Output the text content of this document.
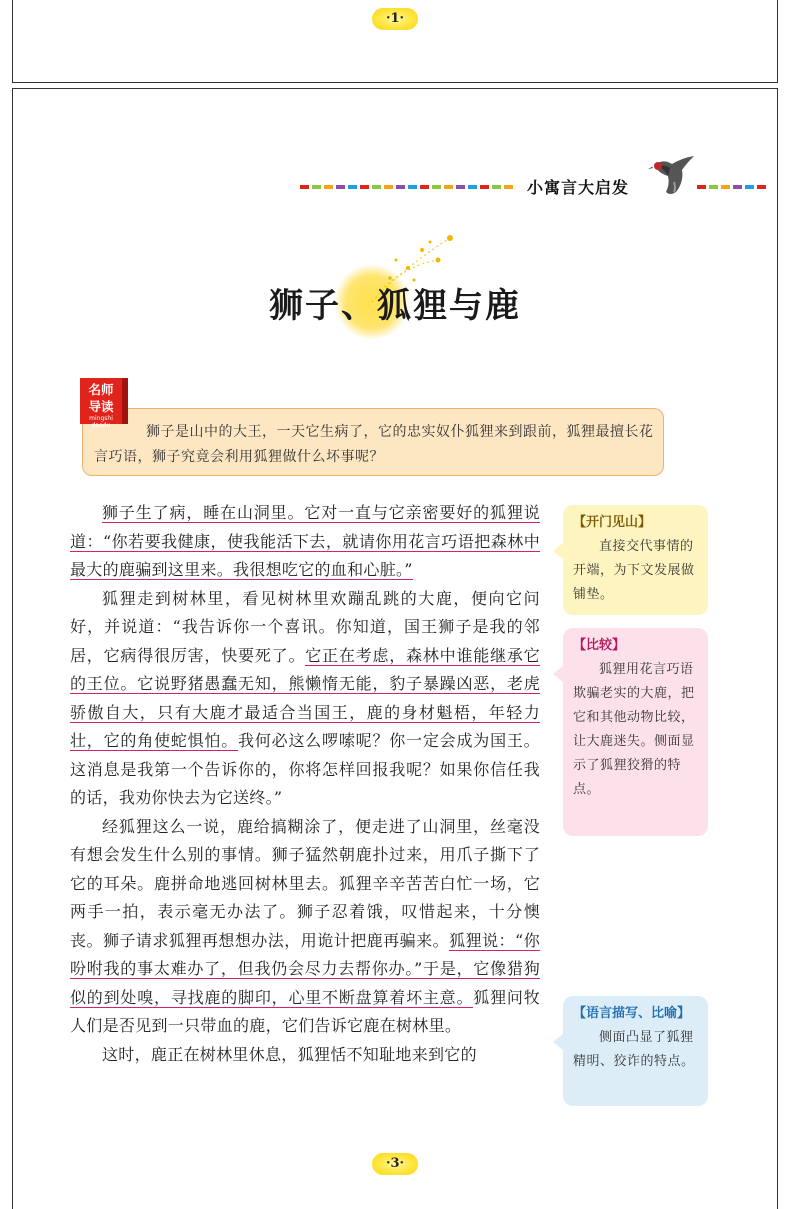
·1·
小寓言大启发
狮子、狐狸与鹿
狮子是山中的大王，一天它生病了，它的忠实奴仆狐狸来到跟前，狐狸最擅长花言巧语，狮子究竟会利用狐狸做什么坏事呢？
名师
导读
mingshi daodu

狮子生了病，睡在山洞里。它对一直与它亲密要好的狐狸说道：“你若要我健康，使我能活下去，就请你用花言巧语把森林中最大的鹿骗到这里来。我很想吃它的血和心脏。”

狐狸走到树林里，看见树林里欢蹦乱跳的大鹿，便向它问好，并说道：“我告诉你一个喜讯。你知道，国王狮子是我的邻居，它病得很厉害，快要死了。它正在考虑，森林中谁能继承它的王位。它说野猪愚蠢无知，熊懒惰无能，豹子暴躁凶恶，老虎骄傲自大，只有大鹿才最适合当国王，鹿的身材魁梧，年轻力壮，它的角使蛇惧怕。我何必这么啰嗦呢？你一定会成为国王。这消息是我第一个告诉你的，你将怎样回报我呢？如果你信任我的话，我劝你快去为它送终。”

经狐狸这么一说，鹿给搞糊涂了，便走进了山洞里，丝毫没有想会发生什么别的事情。狮子猛然朝鹿扑过来，用爪子撕下了它的耳朵。鹿拼命地逃回树林里去。狐狸辛辛苦苦白忙一场，它两手一拍，表示毫无办法了。狮子忍着饿，叹惜起来，十分懊丧。狮子请求狐狸再想想办法，用诡计把鹿再骗来。狐狸说：“你吩咐我的事太难办了，但我仍会尽力去帮你办。”于是，它像猎狗似的到处嗅，寻找鹿的脚印，心里不断盘算着坏主意。狐狸问牧人们是否见到一只带血的鹿，它们告诉它鹿在树林里。

这时，鹿正在树林里休息，狐狸恬不知耻地来到它的

【开门见山】
直接交代事情的开端，为下文发展做铺垫。
【比较】
狐狸用花言巧语欺骗老实的大鹿，把它和其他动物比较，让大鹿迷失。侧面显示了狐狸狡猾的特点。
【语言描写、比喻】
侧面凸显了狐狸精明、狡诈的特点。
·3·
